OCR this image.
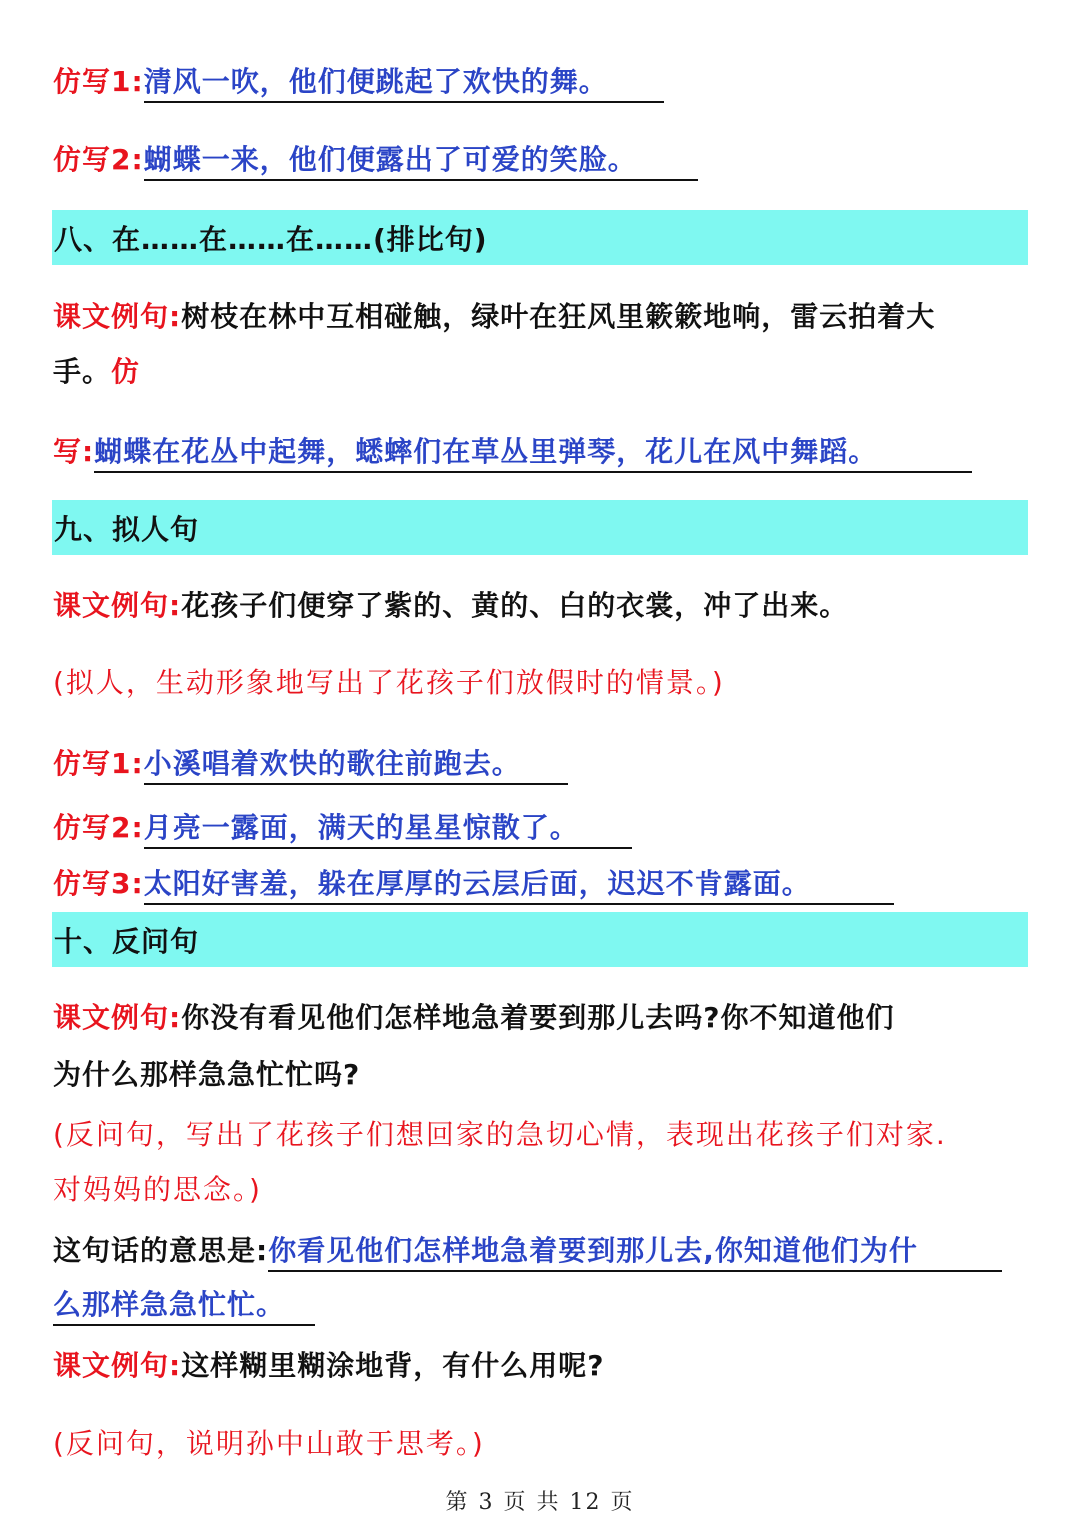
仿写1:清风一吹，他们便跳起了欢快的舞。
仿写2:蝴蝶一来，他们便露出了可爱的笑脸。
八、在……在……在……(排比句)
课文例句:树枝在林中互相碰触，绿叶在狂风里簌簌地响，雷云拍着大
手。仿
写:蝴蝶在花丛中起舞，蟋蟀们在草丛里弹琴，花儿在风中舞蹈。
九、拟人句
课文例句:花孩子们便穿了紫的、黄的、白的衣裳，冲了出来。
(拟人，生动形象地写出了花孩子们放假时的情景。)
仿写1:小溪唱着欢快的歌往前跑去。
仿写2:月亮一露面，满天的星星惊散了。
仿写3:太阳好害羞，躲在厚厚的云层后面，迟迟不肯露面。
十、反问句
课文例句:你没有看见他们怎样地急着要到那儿去吗?你不知道他们
为什么那样急急忙忙吗?
(反问句，写出了花孩子们想回家的急切心情，表现出花孩子们对家.
对妈妈的思念。)
这句话的意思是:你看见他们怎样地急着要到那儿去,你知道他们为什
么那样急急忙忙。
课文例句:这样糊里糊涂地背，有什么用呢?
(反问句，说明孙中山敢于思考。)
第 3 页 共 12 页
